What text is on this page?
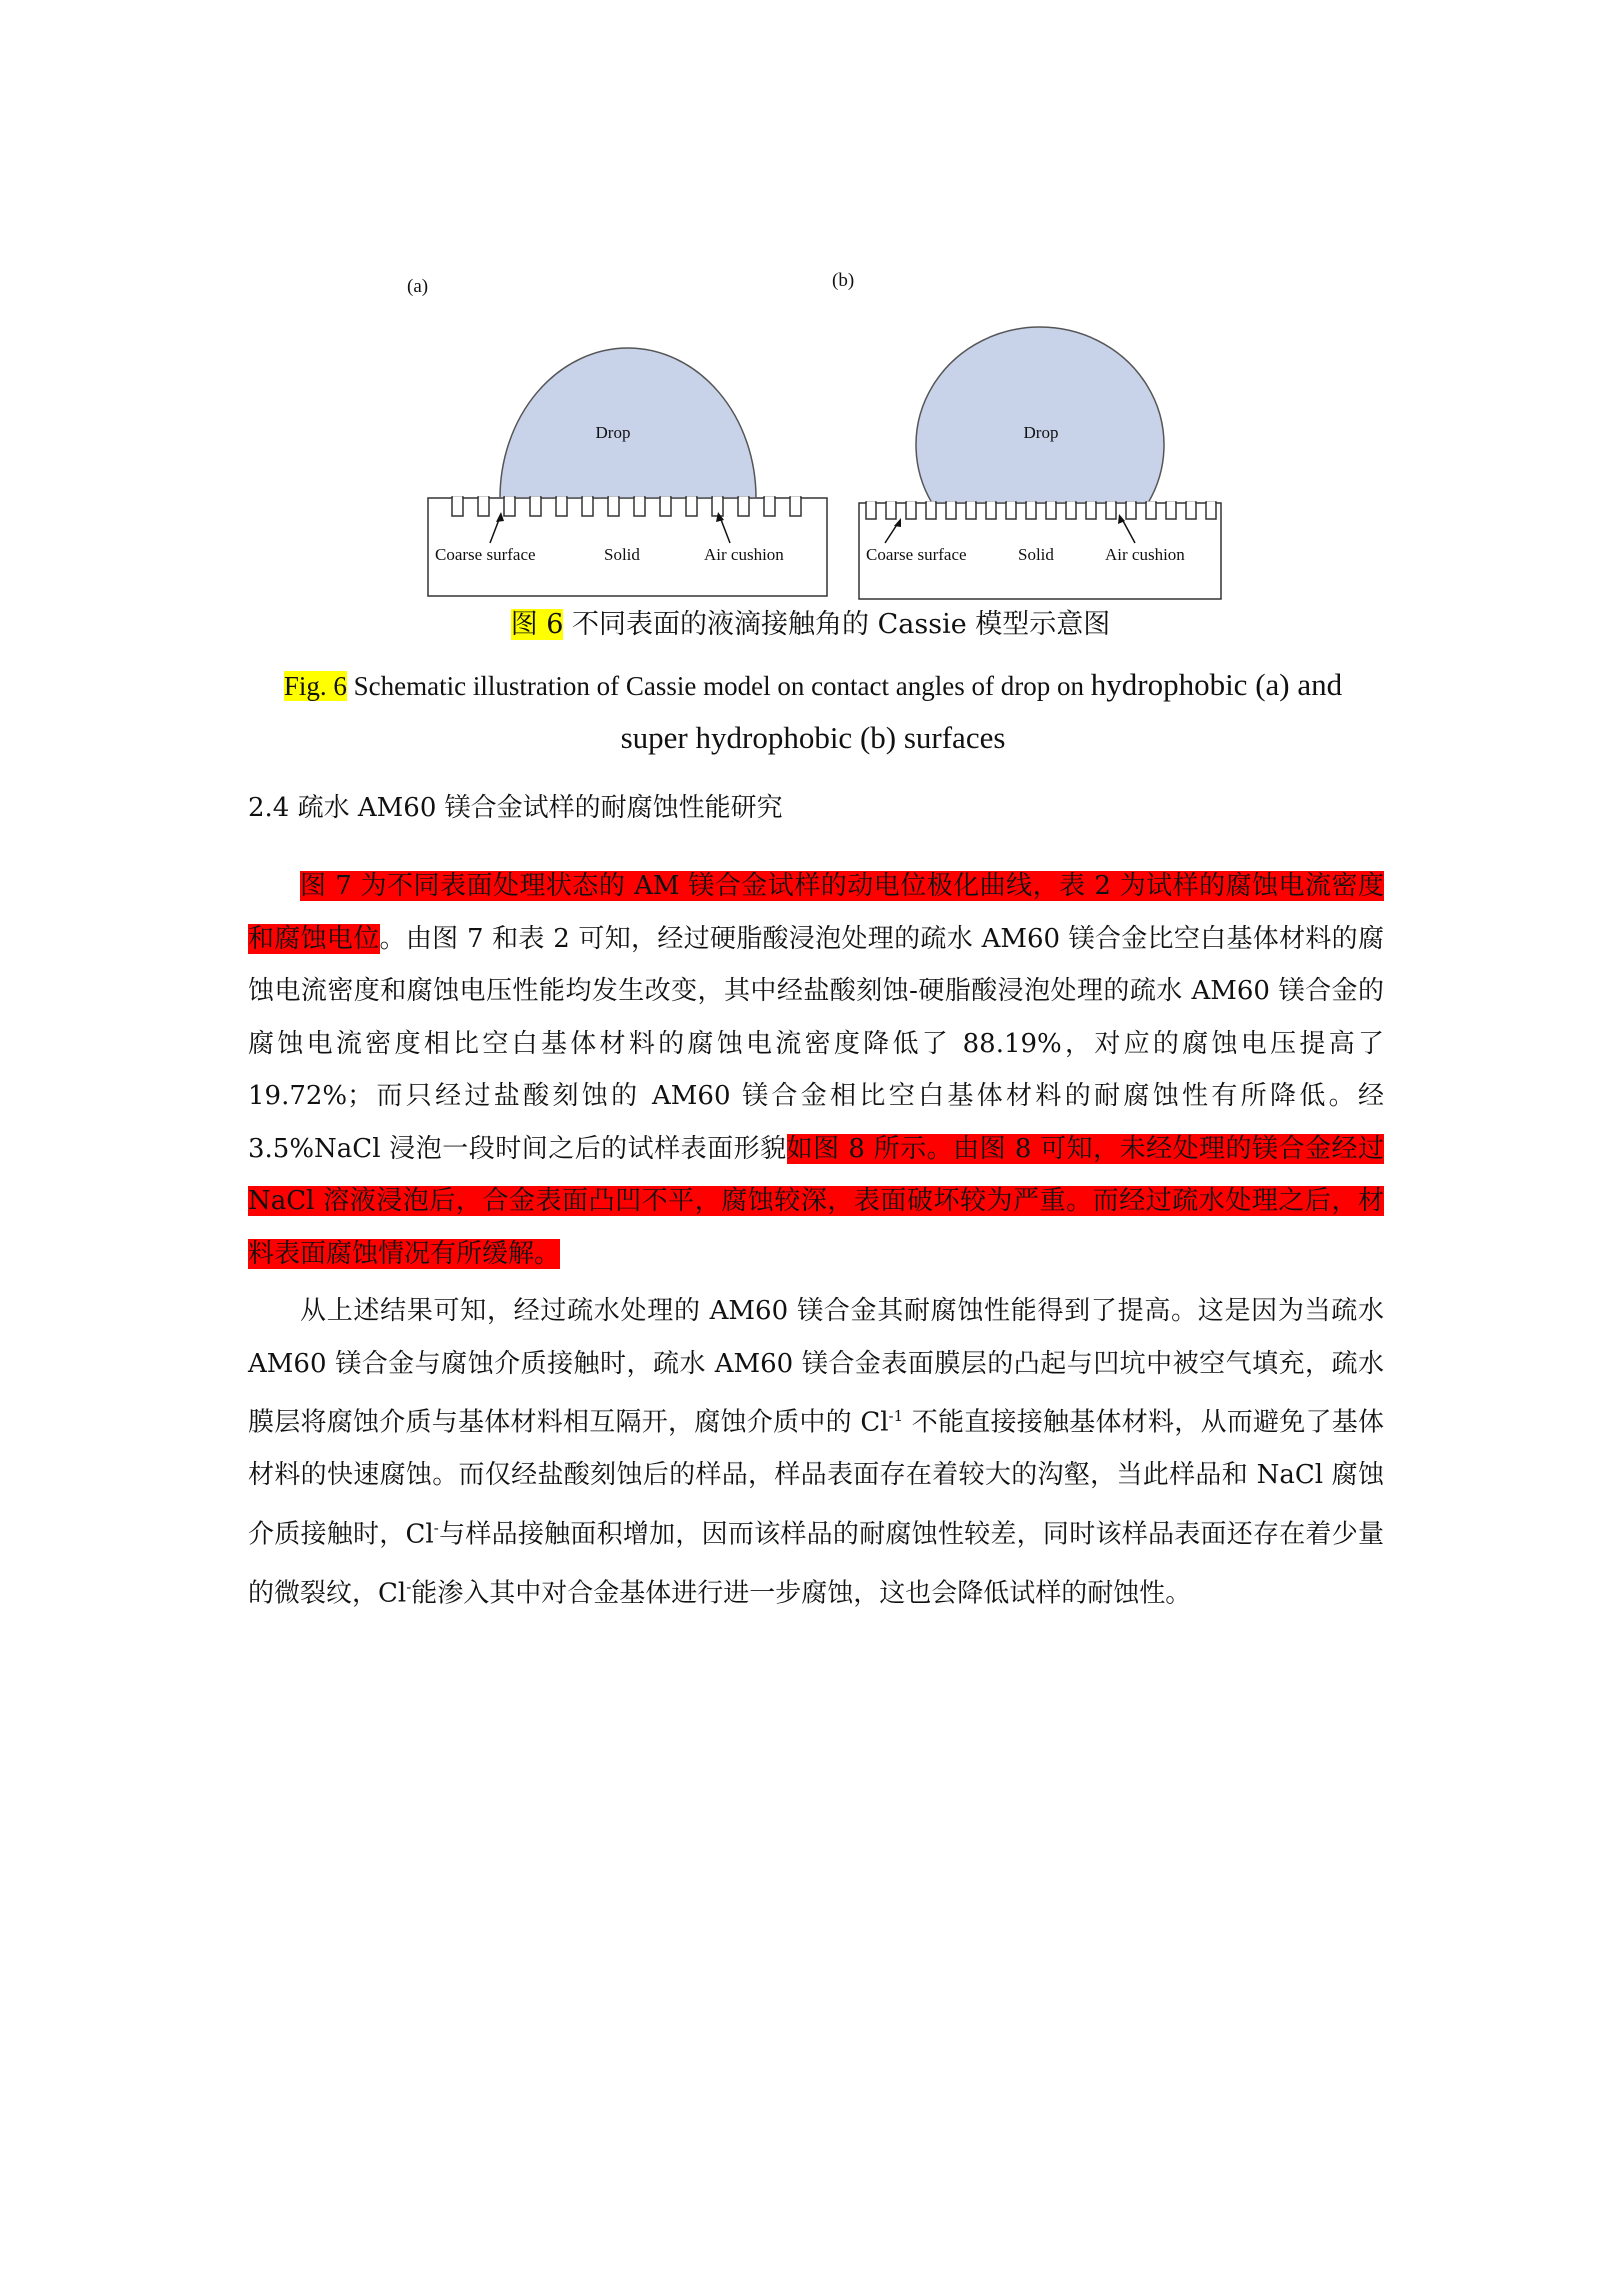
(a)	(b)
Drop
Coarse surface	Solid	Air cushion
Drop
Coarse surface	Solid	Air cushion
图 6 不同表面的液滴接触角的 Cassie 模型示意图
Fig. 6 Schematic illustration of Cassie model on contact angles of drop on hydrophobic (a) and super hydrophobic (b) surfaces
2.4 疏水 AM60 镁合金试样的耐腐蚀性能研究

图 7 为不同表面处理状态的 AM 镁合金试样的动电位极化曲线，表 2 为试样的腐蚀电流密度和腐蚀电位。由图 7 和表 2 可知，经过硬脂酸浸泡处理的疏水 AM60 镁合金比空白基体材料的腐蚀电流密度和腐蚀电压性能均发生改变，其中经盐酸刻蚀-硬脂酸浸泡处理的疏水 AM60 镁合金的腐蚀电流密度相比空白基体材料的腐蚀电流密度降低了 88.19%，对应的腐蚀电压提高了 19.72%；而只经过盐酸刻蚀的 AM60 镁合金相比空白基体材料的耐腐蚀性有所降低。经 3.5%NaCl 浸泡一段时间之后的试样表面形貌如图 8 所示。由图 8 可知，未经处理的镁合金经过 NaCl 溶液浸泡后，合金表面凸凹不平，腐蚀较深，表面破坏较为严重。而经过疏水处理之后，材料表面腐蚀情况有所缓解。

从上述结果可知，经过疏水处理的 AM60 镁合金其耐腐蚀性能得到了提高。这是因为当疏水 AM60 镁合金与腐蚀介质接触时，疏水 AM60 镁合金表面膜层的凸起与凹坑中被空气填充，疏水膜层将腐蚀介质与基体材料相互隔开，腐蚀介质中的 $Cl^{-1}$ 不能直接接触基体材料，从而避免了基体材料的快速腐蚀。而仅经盐酸刻蚀后的样品，样品表面存在着较大的沟壑，当此样品和 NaCl 腐蚀介质接触时，Cl-与样品接触面积增加，因而该样品的耐腐蚀性较差，同时该样品表面还存在着少量的微裂纹，Cl-能渗入其中对合金基体进行进一步腐蚀，这也会降低试样的耐蚀性。
